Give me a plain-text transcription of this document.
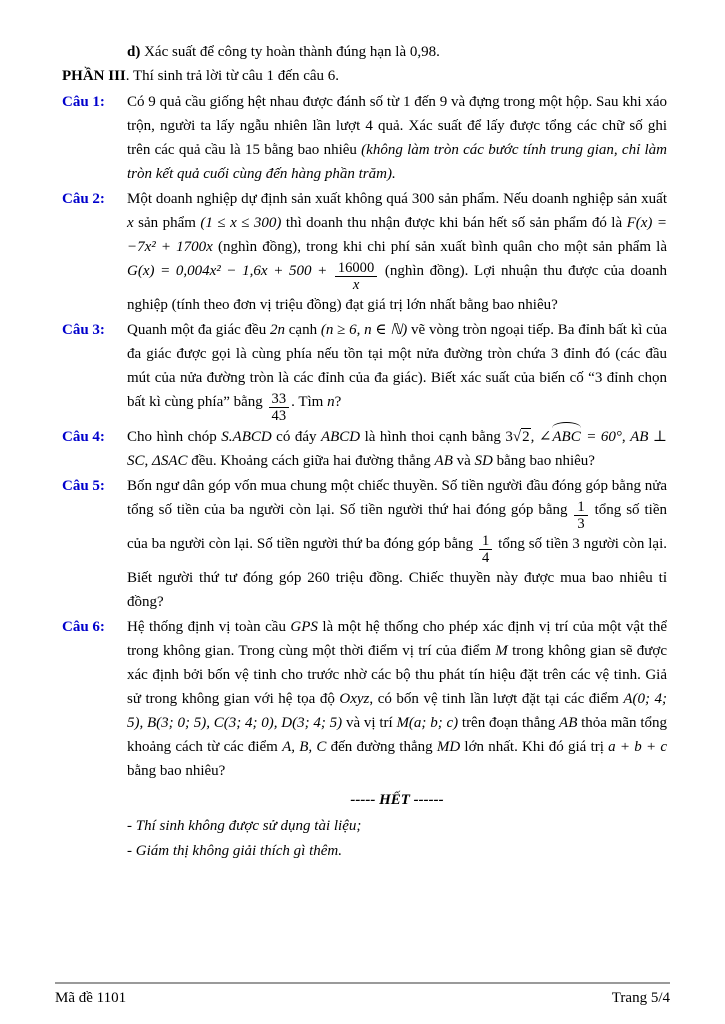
d) Xác suất để công ty hoàn thành đúng hạn là 0,98.
PHẦN III. Thí sinh trả lời từ câu 1 đến câu 6.
Câu 1:	Có 9 quả cầu giống hệt nhau được đánh số từ 1 đến 9 và đựng trong một hộp. Sau khi xáo trộn, người ta lấy ngẫu nhiên lần lượt 4 quả. Xác suất để lấy được tổng các chữ số ghi trên các quả cầu là 15 bằng bao nhiêu (không làm tròn các bước tính trung gian, chỉ làm tròn kết quả cuối cùng đến hàng phần trăm).
Câu 2:	Một doanh nghiệp dự định sản xuất không quá 300 sản phẩm. Nếu doanh nghiệp sản xuất x sản phẩm (1 ≤ x ≤ 300) thì doanh thu nhận được khi bán hết số sản phẩm đó là F(x) = −7x² + 1700x (nghìn đồng), trong khi chi phí sản xuất bình quân cho một sản phẩm là $G(x) = 0,004x^2 - 1,6x + 500 + \frac{16000}{x}$ (nghìn đồng). Lợi nhuận thu được của doanh nghiệp (tính theo đơn vị triệu đồng) đạt giá trị lớn nhất bằng bao nhiêu?
Câu 3:	Quanh một đa giác đều 2n cạnh (n ≥ 6, n ∈ ℕ) vẽ vòng tròn ngoại tiếp. Ba đỉnh bất kì của đa giác được gọi là cùng phía nếu tồn tại một nửa đường tròn chứa 3 đỉnh đó (các đầu mút của nửa đường tròn là các đỉnh của đa giác). Biết xác suất của biến cố “3 đỉnh chọn bất kì cùng phía” bằng $\frac{33}{43}$ . Tìm n?
Câu 4:	Cho hình chóp S.ABCD có đáy ABCD là hình thoi cạnh bằng 3√2, ∠ABC = 60°, AB ⊥ SC, ΔSAC đều. Khoảng cách giữa hai đường thẳng AB và SD bằng bao nhiêu?
Câu 5:	Bốn ngư dân góp vốn mua chung một chiếc thuyền. Số tiền người đầu đóng góp bằng nửa tổng số tiền của ba người còn lại. Số tiền người thứ hai đóng góp bằng $\frac{1}{3}$ tổng số tiền của ba người còn lại. Số tiền người thứ ba đóng góp bằng $\frac{1}{4}$ tổng số tiền 3 người còn lại. Biết người thứ tư đóng góp 260 triệu đồng. Chiếc thuyền này được mua bao nhiêu tỉ đồng?
Câu 6:	Hệ thống định vị toàn cầu GPS là một hệ thống cho phép xác định vị trí của một vật thể trong không gian. Trong cùng một thời điểm vị trí của điểm M trong không gian sẽ được xác định bởi bốn vệ tinh cho trước nhờ các bộ thu phát tín hiệu đặt trên các vệ tinh. Giả sử trong không gian với hệ tọa độ Oxyz, có bốn vệ tinh lần lượt đặt tại các điểm A(0; 4; 5), B(3; 0; 5), C(3; 4; 0), D(3; 4; 5) và vị trí M(a; b; c) trên đoạn thẳng AB thỏa mãn tổng khoảng cách từ các điểm A, B, C đến đường thẳng MD lớn nhất. Khi đó giá trị a + b + c bằng bao nhiêu?
----- HẾT ------
- Thí sinh không được sử dụng tài liệu;
- Giám thị không giải thích gì thêm.
Mã đề 1101	Trang 5/4
